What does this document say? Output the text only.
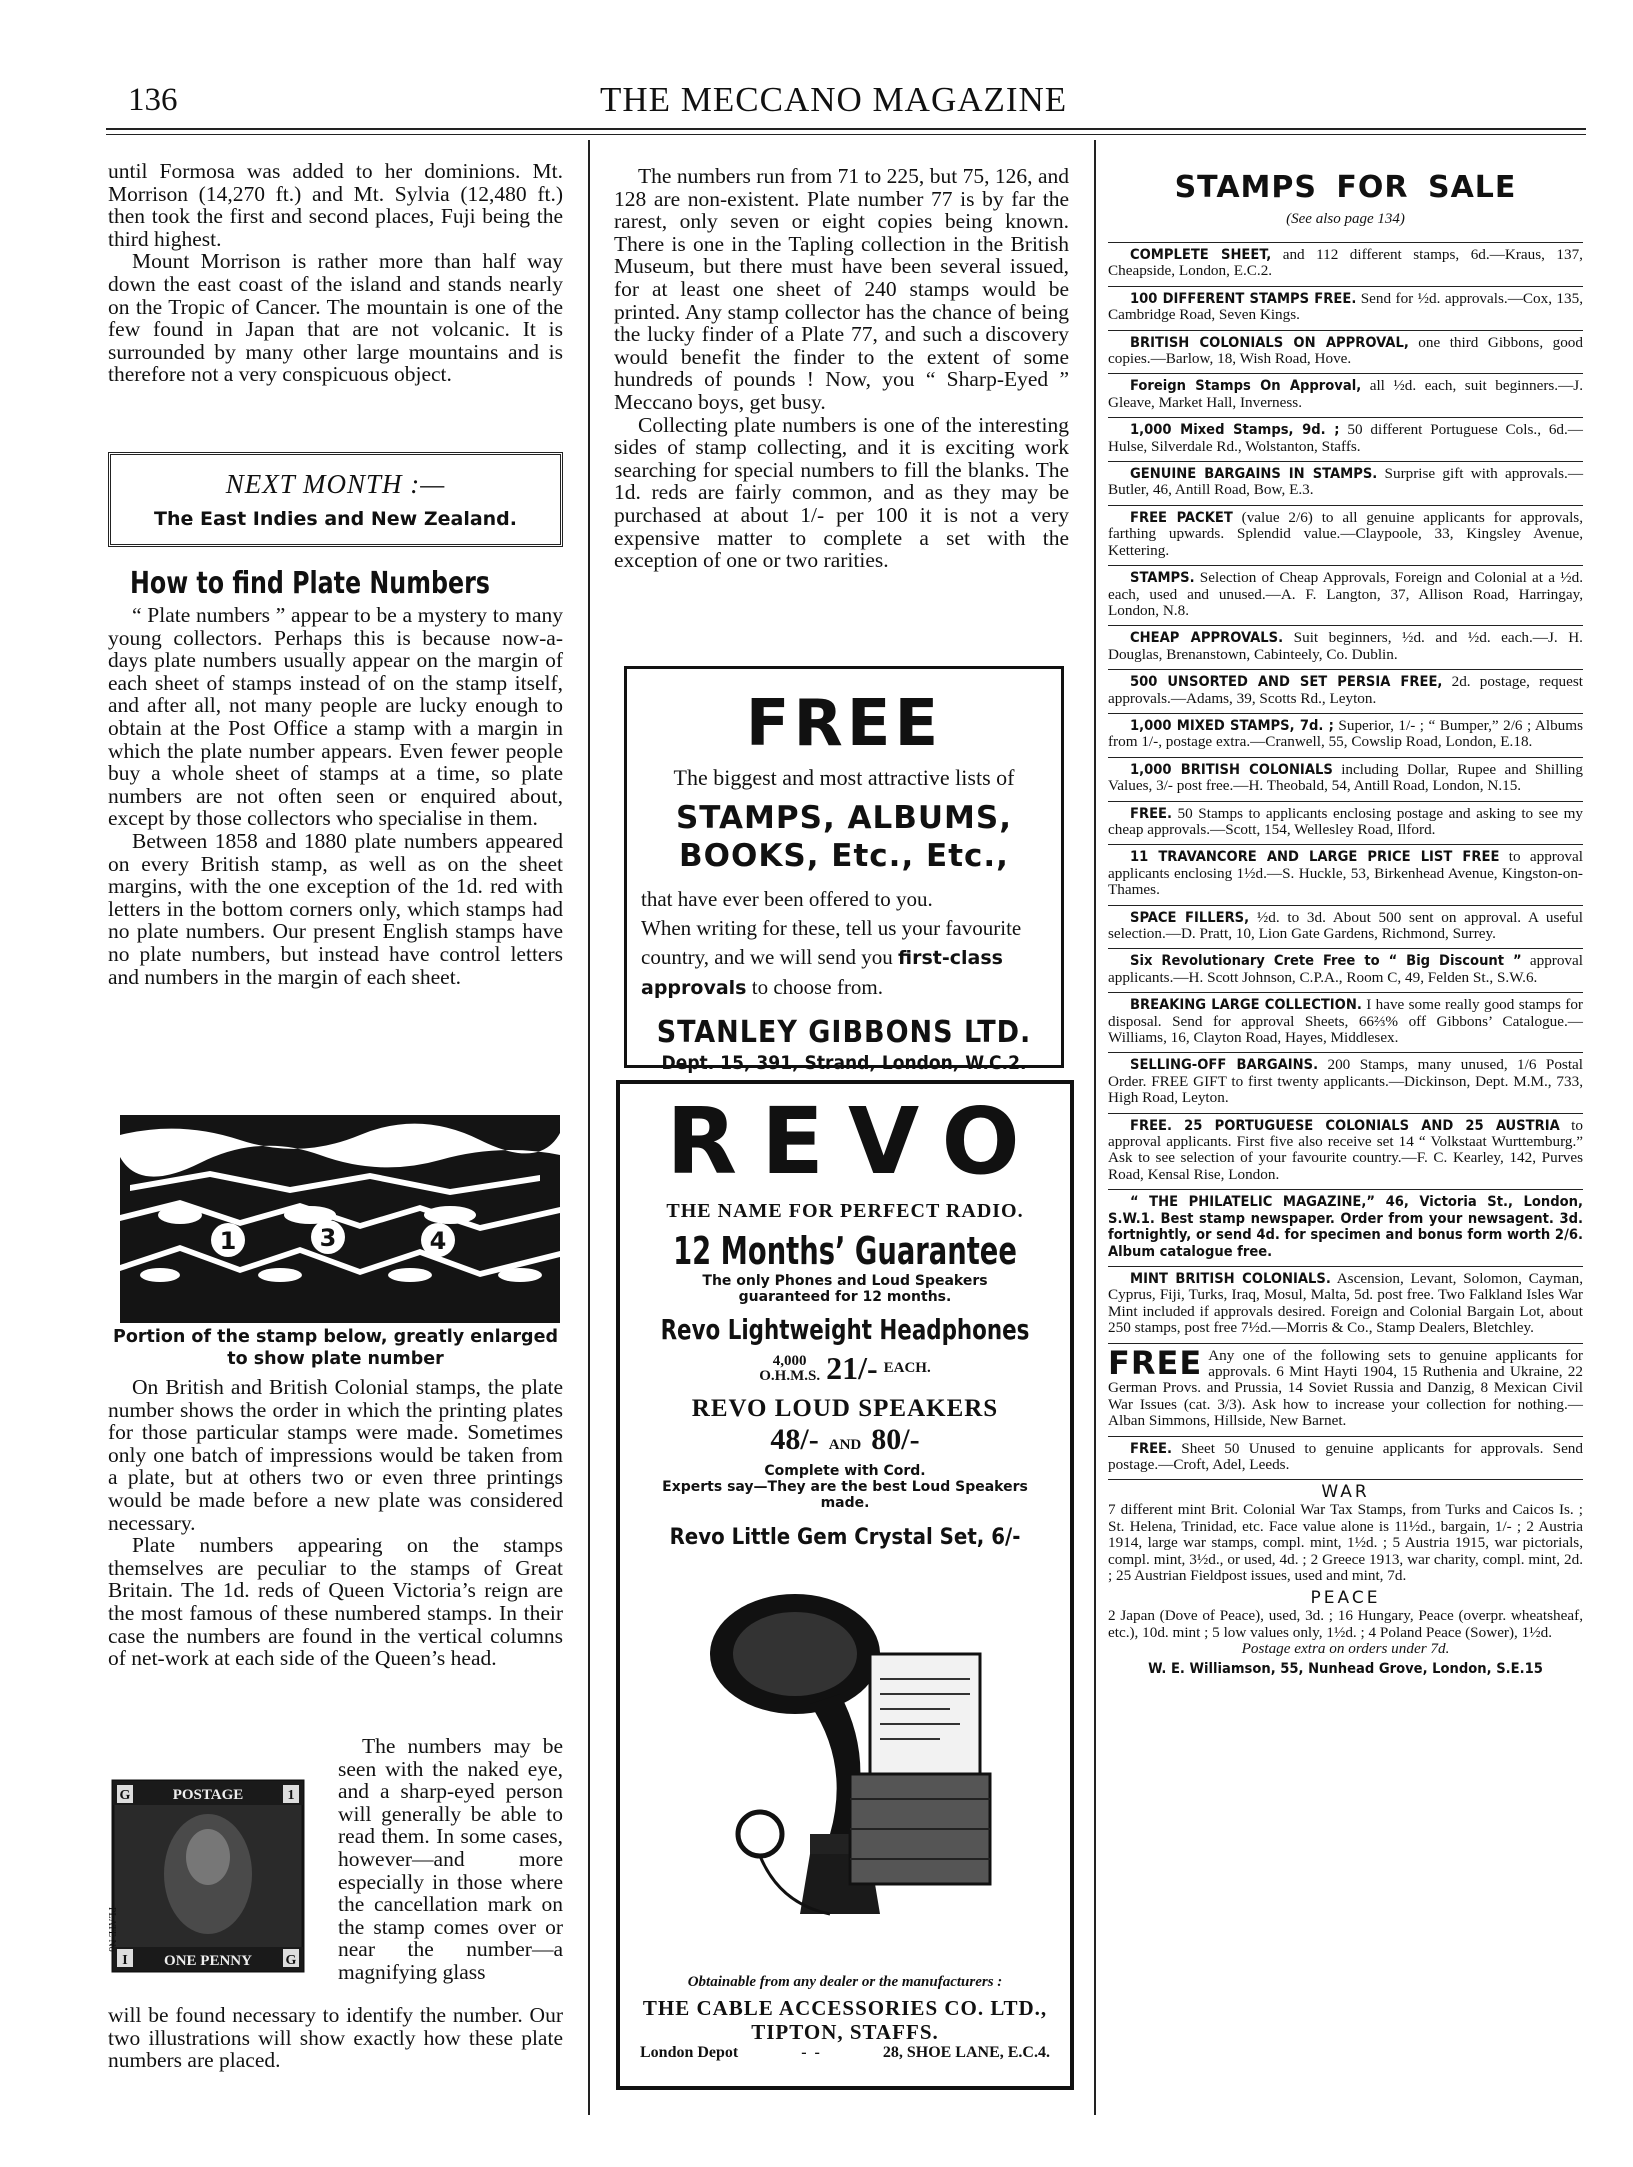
136	THE MECCANO MAGAZINE

until Formosa was added to her dominions. Mt. Morrison (14,270 ft.) and Mt. Sylvia (12,480 ft.) then took the first and second places, Fuji being the third highest.

Mount Morrison is rather more than half way down the east coast of the island and stands nearly on the Tropic of Cancer. The mountain is one of the few found in Japan that are not volcanic. It is surrounded by many other large mountains and is therefore not a very conspicuous object.

NEXT MONTH :—
The East Indies and New Zealand.
How to find Plate Numbers

“ Plate numbers ” appear to be a mystery to many young collectors. Perhaps this is because now-a-days plate numbers usually appear on the margin of each sheet of stamps instead of on the stamp itself, and after all, not many people are lucky enough to obtain at the Post Office a stamp with a margin in which the plate number appears. Even fewer people buy a whole sheet of stamps at a time, so plate numbers are not often seen or enquired about, except by those collectors who specialise in them.

Between 1858 and 1880 plate numbers appeared on every British stamp, as well as on the sheet margins, with the one exception of the 1d. red with letters in the bottom corners only, which stamps had no plate numbers. Our present English stamps have no plate numbers, but instead have control letters and numbers in the margin of each sheet.

1	3	4
Portion of the stamp below, greatly enlarged to show plate number

On British and British Colonial stamps, the plate number shows the order in which the printing plates for those particular stamps were made. Sometimes only one batch of impressions would be taken from a plate, but at others two or even three printings would be made before a new plate was considered necessary.

Plate numbers appearing on the stamps themselves are peculiar to the stamps of Great Britain. The 1d. reds of Queen Victoria’s reign are the most famous of these numbered stamps. In their case the numbers are found in the vertical columns of net-work at each side of the Queen’s head.

G	1
I	G
POSTAGE
ONE PENNY
PLATE No

The numbers may be seen with the naked eye, and a sharp-eyed person will generally be able to read them. In some cases, however—and more especially in those where the cancellation mark on the stamp comes over or near the number—a magnifying glass

will be found necessary to identify the number. Our two illustrations will show exactly how these plate numbers are placed.

The numbers run from 71 to 225, but 75, 126, and 128 are non-existent. Plate number 77 is by far the rarest, only seven or eight copies being known. There is one in the Tapling collection in the British Museum, but there must have been several issued, for at least one sheet of 240 stamps would be printed. Any stamp collector has the chance of being the lucky finder of a Plate 77, and such a discovery would benefit the finder to the extent of some hundreds of pounds ! Now, you “ Sharp-Eyed ” Meccano boys, get busy.

Collecting plate numbers is one of the interesting sides of stamp collecting, and it is exciting work searching for special numbers to fill the blanks. The 1d. reds are fairly common, and as they may be purchased at about 1/- per 100 it is not a very expensive matter to complete a set with the exception of one or two rarities.

FREE
The biggest and most attractive lists of
STAMPS, ALBUMS,
BOOKS, Etc., Etc.,
that have ever been offered to you.
When writing for these, tell us your favourite country, and we will send you first-class approvals to choose from.
STANLEY GIBBONS LTD.
Dept. 15, 391, Strand, London, W.C.2.
REVO
THE NAME FOR PERFECT RADIO.
12 Months’ Guarantee
The only Phones and Loud Speakers guaranteed for 12 months.
Revo Lightweight Headphones
4,000
O.H.M.S. 21/- EACH.
REVO LOUD SPEAKERS
48/- AND 80/-
Complete with Cord.
Experts say—They are the best Loud Speakers made.
Revo Little Gem Crystal Set, 6/-
Obtainable from any dealer or the manufacturers :
THE CABLE ACCESSORIES CO. LTD.,
TIPTON, STAFFS.
London Depot	-  -	28, SHOE LANE, E.C.4.
STAMPS FOR SALE
(See also page 134)

COMPLETE SHEET, and 112 different stamps, 6d.—Kraus, 137, Cheapside, London, E.C.2.

100 DIFFERENT STAMPS FREE. Send for ½d. approvals.—Cox, 135, Cambridge Road, Seven Kings.

BRITISH COLONIALS ON APPROVAL, one third Gibbons, good copies.—Barlow, 18, Wish Road, Hove.

Foreign Stamps On Approval, all ½d. each, suit beginners.—J. Gleave, Market Hall, Inverness.

1,000 Mixed Stamps, 9d. ; 50 different Portuguese Cols., 6d.—Hulse, Silverdale Rd., Wolstanton, Staffs.

GENUINE BARGAINS IN STAMPS. Surprise gift with approvals.—Butler, 46, Antill Road, Bow, E.3.

FREE PACKET (value 2/6) to all genuine applicants for approvals, farthing upwards. Splendid value.—Claypoole, 33, Kingsley Avenue, Kettering.

STAMPS. Selection of Cheap Approvals, Foreign and Colonial at a ½d. each, used and unused.—A. F. Langton, 37, Allison Road, Harringay, London, N.8.

CHEAP APPROVALS. Suit beginners, ½d. and ½d. each.—J. H. Douglas, Brenanstown, Cabinteely, Co. Dublin.

500 UNSORTED AND SET PERSIA FREE, 2d. postage, request approvals.—Adams, 39, Scotts Rd., Leyton.

1,000 MIXED STAMPS, 7d. ; Superior, 1/- ; “ Bumper,” 2/6 ; Albums from 1/-, postage extra.—Cranwell, 55, Cowslip Road, London, E.18.

1,000 BRITISH COLONIALS including Dollar, Rupee and Shilling Values, 3/- post free.—H. Theobald, 54, Antill Road, London, N.15.

FREE. 50 Stamps to applicants enclosing postage and asking to see my cheap approvals.—Scott, 154, Wellesley Road, Ilford.

11 TRAVANCORE AND LARGE PRICE LIST FREE to approval applicants enclosing 1½d.—S. Huckle, 53, Birkenhead Avenue, Kingston-on-Thames.

SPACE FILLERS, ½d. to 3d. About 500 sent on approval. A useful selection.—D. Pratt, 10, Lion Gate Gardens, Richmond, Surrey.

Six Revolutionary Crete Free to “ Big Discount ” approval applicants.—H. Scott Johnson, C.P.A., Room C, 49, Felden St., S.W.6.

BREAKING LARGE COLLECTION. I have some really good stamps for disposal. Send for approval Sheets, 66⅔% off Gibbons’ Catalogue.—Williams, 16, Clayton Road, Hayes, Middlesex.

SELLING-OFF BARGAINS. 200 Stamps, many unused, 1/6 Postal Order. FREE GIFT to first twenty applicants.—Dickinson, Dept. M.M., 733, High Road, Leyton.

FREE. 25 PORTUGUESE COLONIALS AND 25 AUSTRIA to approval applicants. First five also receive set 14 “ Volkstaat Wurttemburg.” Ask to see selection of your favourite country.—F. C. Kearley, 142, Purves Road, Kensal Rise, London.

“ THE PHILATELIC MAGAZINE,” 46, Victoria St., London, S.W.1. Best stamp newspaper. Order from your newsagent. 3d. fortnightly, or send 4d. for specimen and bonus form worth 2/6. Album catalogue free.

MINT BRITISH COLONIALS. Ascension, Levant, Solomon, Cayman, Cyprus, Fiji, Turks, Iraq, Mosul, Malta, 5d. post free. Two Falkland Isles War Mint included if approvals desired. Foreign and Colonial Bargain Lot, about 250 stamps, post free 7½d.—Morris & Co., Stamp Dealers, Bletchley.

FREE Any one of the following sets to genuine applicants for approvals. 6 Mint Hayti 1904, 15 Ruthenia and Ukraine, 22 German Provs. and Prussia, 14 Soviet Russia and Danzig, 8 Mexican Civil War Issues (cat. 3/3). Ask how to increase your collection for nothing.—Alban Simmons, Hillside, New Barnet.

FREE. Sheet 50 Unused to genuine applicants for approvals. Send postage.—Croft, Adel, Leeds.

WAR

7 different mint Brit. Colonial War Tax Stamps, from Turks and Caicos Is. ; St. Helena, Trinidad, etc. Face value alone is 11½d., bargain, 1/- ; 2 Austria 1914, large war stamps, compl. mint, 1½d. ; 5 Austria 1915, war pictorials, compl. mint, 3½d., or used, 4d. ; 2 Greece 1913, war charity, compl. mint, 2d. ; 25 Austrian Fieldpost issues, used and mint, 7d.

PEACE

2 Japan (Dove of Peace), used, 3d. ; 16 Hungary, Peace (overpr. wheatsheaf, etc.), 10d. mint ; 5 low values only, 1½d. ; 4 Poland Peace (Sower), 1½d.

Postage extra on orders under 7d.

W. E. Williamson, 55, Nunhead Grove, London, S.E.15
